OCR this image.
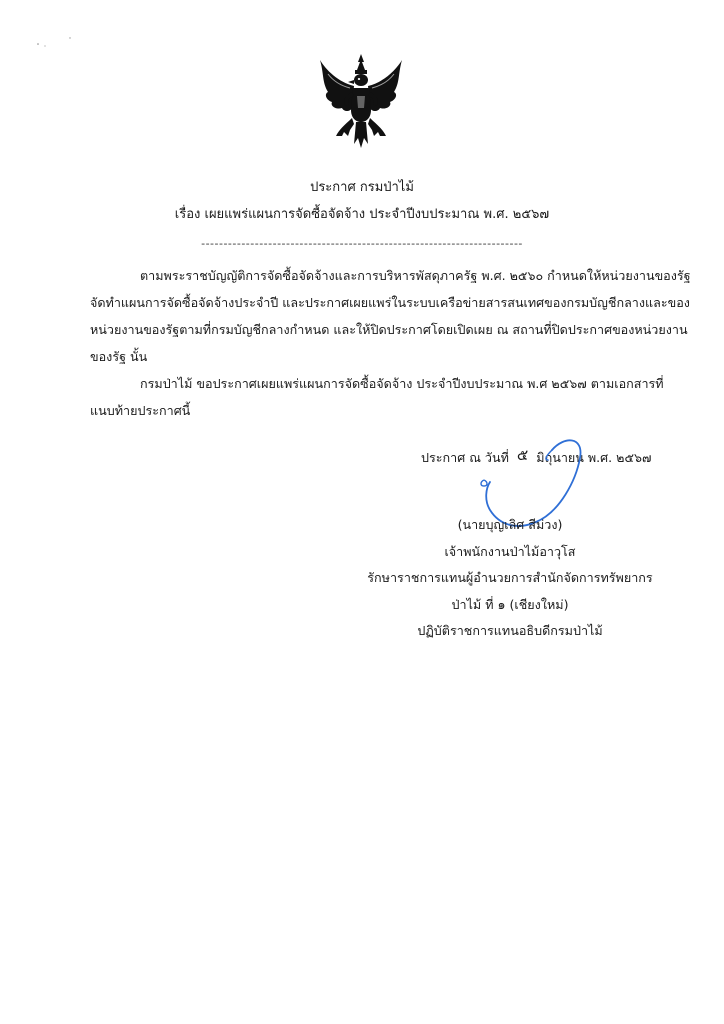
ประกาศ กรมป่าไม้
เรื่อง เผยแพร่แผนการจัดซื้อจัดจ้าง ประจำปีงบประมาณ พ.ศ. ๒๕๖๗
------------------------------------------------------------------------
ตามพระราชบัญญัติการจัดซื้อจัดจ้างและการบริหารพัสดุภาครัฐ พ.ศ. ๒๕๖๐ กำหนดให้หน่วยงานของรัฐ
จัดทำแผนการจัดซื้อจัดจ้างประจำปี และประกาศเผยแพร่ในระบบเครือข่ายสารสนเทศของกรมบัญชีกลางและของ
หน่วยงานของรัฐตามที่กรมบัญชีกลางกำหนด และให้ปิดประกาศโดยเปิดเผย ณ สถานที่ปิดประกาศของหน่วยงาน
ของรัฐ นั้น
กรมป่าไม้ ขอประกาศเผยแพร่แผนการจัดซื้อจัดจ้าง ประจำปีงบประมาณ พ.ศ ๒๕๖๗ ตามเอกสารที่
แนบท้ายประกาศนี้
ประกาศ ณ วันที่ ๕ มิถุนายน พ.ศ. ๒๕๖๗
(นายบุญเลิศ สีม่วง)
เจ้าพนักงานป่าไม้อาวุโส
รักษาราชการแทนผู้อำนวยการสำนักจัดการทรัพยากร
ป่าไม้ ที่ ๑ (เชียงใหม่)
ปฏิบัติราชการแทนอธิบดีกรมป่าไม้
